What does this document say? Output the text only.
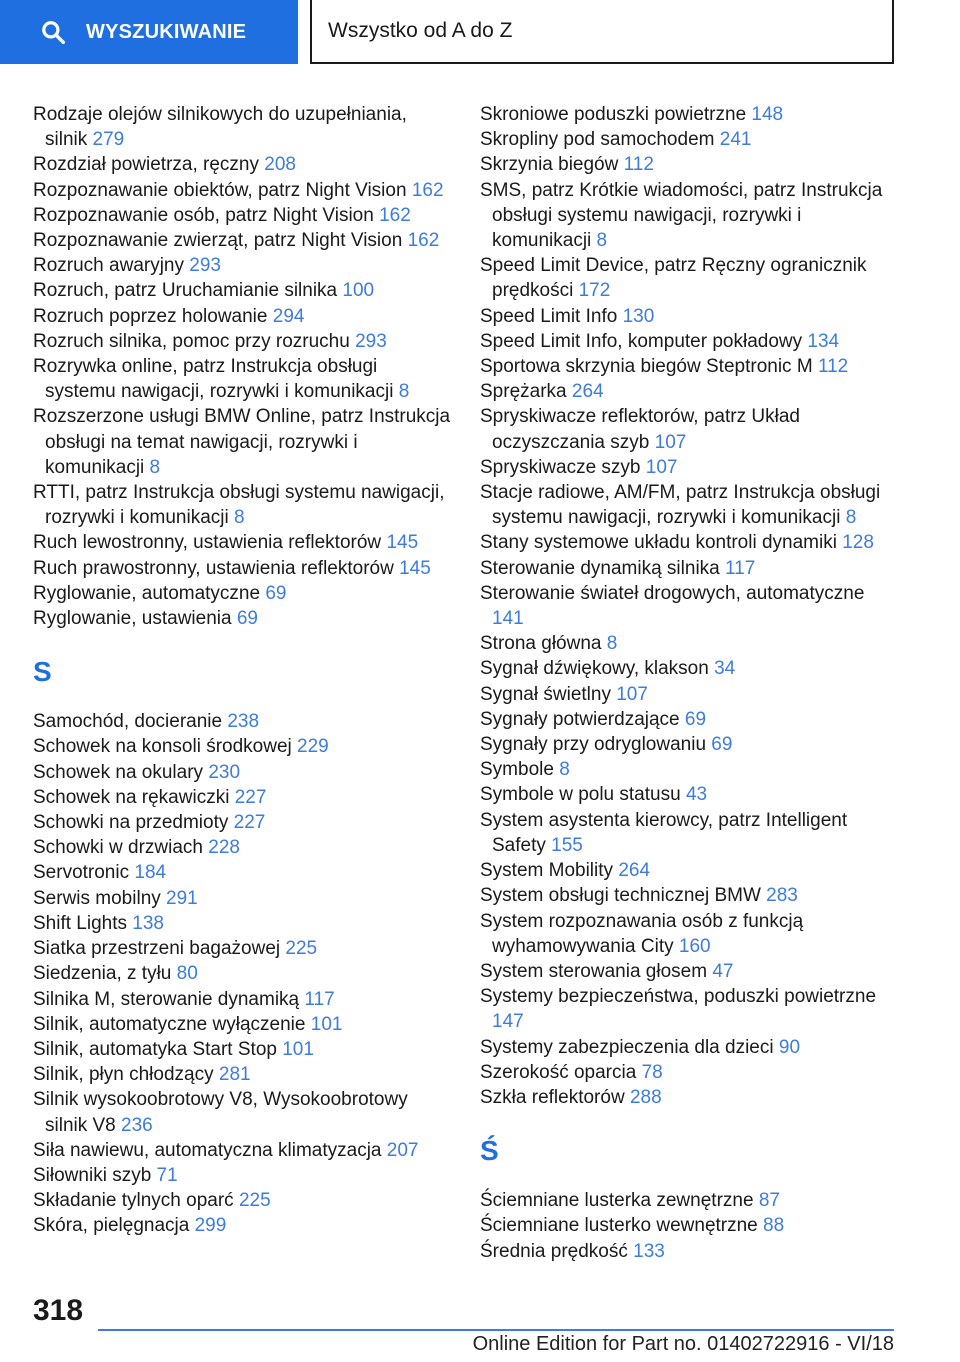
WYSZUKIWANIE	Wszystko od A do Z
Rodzaje olejów silnikowych do uzupełniania, silnik 279
Rozdział powietrza, ręczny 208
Rozpoznawanie obiektów, patrz Night Vision 162
Rozpoznawanie osób, patrz Night Vision 162
Rozpoznawanie zwierząt, patrz Night Vision 162
Rozruch awaryjny 293
Rozruch, patrz Uruchamianie silnika 100
Rozruch poprzez holowanie 294
Rozruch silnika, pomoc przy rozruchu 293
Rozrywka online, patrz Instrukcja obsługi systemu nawigacji, rozrywki i komunikacji 8
Rozszerzone usługi BMW Online, patrz Instrukcja obsługi na temat nawigacji, rozrywki i komunikacji 8
RTTI, patrz Instrukcja obsługi systemu nawigacji, rozrywki i komunikacji 8
Ruch lewostronny, ustawienia reflektorów 145
Ruch prawostronny, ustawienia reflektorów 145
Ryglowanie, automatyczne 69
Ryglowanie, ustawienia 69
S
Samochód, docieranie 238
Schowek na konsoli środkowej 229
Schowek na okulary 230
Schowek na rękawiczki 227
Schowki na przedmioty 227
Schowki w drzwiach 228
Servotronic 184
Serwis mobilny 291
Shift Lights 138
Siatka przestrzeni bagażowej 225
Siedzenia, z tyłu 80
Silnika M, sterowanie dynamiką 117
Silnik, automatyczne wyłączenie 101
Silnik, automatyka Start Stop 101
Silnik, płyn chłodzący 281
Silnik wysokoobrotowy V8, Wysokoobrotowy silnik V8 236
Siła nawiewu, automatyczna klimatyzacja 207
Siłowniki szyb 71
Składanie tylnych oparć 225
Skóra, pielęgnacja 299
Skroniowe poduszki powietrzne 148
Skropliny pod samochodem 241
Skrzynia biegów 112
SMS, patrz Krótkie wiadomości, patrz Instrukcja obsługi systemu nawigacji, rozrywki i komunikacji 8
Speed Limit Device, patrz Ręczny ogranicznik prędkości 172
Speed Limit Info 130
Speed Limit Info, komputer pokładowy 134
Sportowa skrzynia biegów Steptronic M 112
Sprężarka 264
Spryskiwacze reflektorów, patrz Układ oczyszczania szyb 107
Spryskiwacze szyb 107
Stacje radiowe, AM/FM, patrz Instrukcja obsługi systemu nawigacji, rozrywki i komunikacji 8
Stany systemowe układu kontroli dynamiki 128
Sterowanie dynamiką silnika 117
Sterowanie świateł drogowych, automatyczne 141
Strona główna 8
Sygnał dźwiękowy, klakson 34
Sygnał świetlny 107
Sygnały potwierdzające 69
Sygnały przy odryglowaniu 69
Symbole 8
Symbole w polu statusu 43
System asystenta kierowcy, patrz Intelligent Safety 155
System Mobility 264
System obsługi technicznej BMW 283
System rozpoznawania osób z funkcją wyhamowywania City 160
System sterowania głosem 47
Systemy bezpieczeństwa, poduszki powietrzne 147
Systemy zabezpieczenia dla dzieci 90
Szerokość oparcia 78
Szkła reflektorów 288
Ś
Ściemniane lusterka zewnętrzne 87
Ściemniane lusterko wewnętrzne 88
Średnia prędkość 133
318
Online Edition for Part no. 01402722916 - VI/18
